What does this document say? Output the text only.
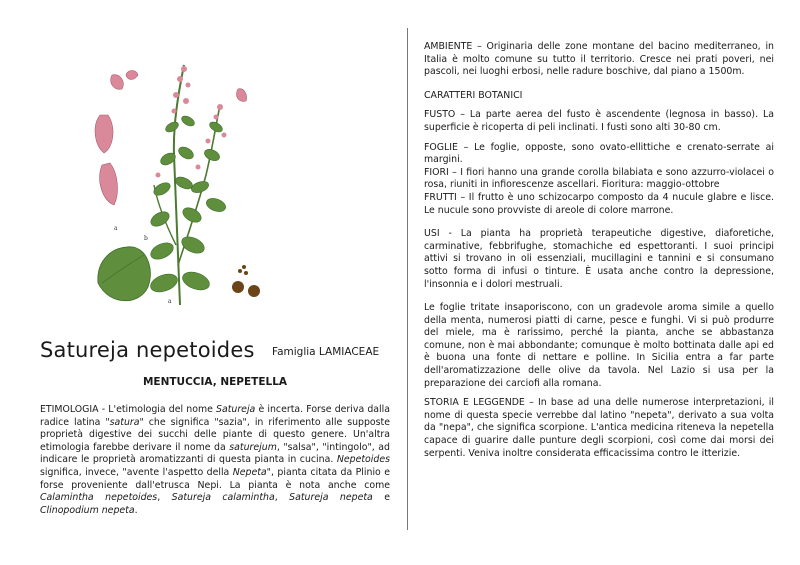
a
b
a
Satureja nepetoides Famiglia LAMIACEAE
MENTUCCIA, NEPETELLA
ETIMOLOGIA - L'etimologia del nome Satureja è incerta. Forse deriva dalla radice latina "satura" che significa "sazia", in riferimento alle supposte proprietà digestive dei succhi delle piante di questo genere. Un'altra etimologia farebbe derivare il nome da saturejum, "salsa", "intingolo", ad indicare le proprietà aromatizzanti di questa pianta in cucina. Nepetoides significa, invece, "avente l'aspetto della Nepeta", pianta citata da Plinio e forse proveniente dall'etrusca Nepi. La pianta è nota anche come Calamintha nepetoides, Satureja calamintha, Satureja nepeta e Clinopodium nepeta.

AMBIENTE – Originaria delle zone montane del bacino mediterraneo, in Italia è molto comune su tutto il territorio. Cresce nei prati poveri, nei pascoli, nei luoghi erbosi, nelle radure boschive, dal piano a 1500m.

CARATTERI BOTANICI

FUSTO – La parte aerea del fusto è ascendente (legnosa in basso). La superficie è ricoperta di peli inclinati. I fusti sono alti 30-80 cm.

FOGLIE – Le foglie, opposte, sono ovato-ellittiche e crenato-serrate ai margini.

FIORI – I fiori hanno una grande corolla bilabiata e sono azzurro-violacei o rosa, riuniti in infiorescenze ascellari. Fioritura: maggio-ottobre

FRUTTI – Il frutto è uno schizocarpo composto da 4 nucule glabre e lisce. Le nucule sono provviste di areole di colore marrone.

USI - La pianta ha proprietà terapeutiche digestive, diaforetiche, carminative, febbrifughe, stomachiche ed espettoranti. I suoi principi attivi si trovano in oli essenziali, mucillagini e tannini e si consumano sotto forma di infusi o tinture. È usata anche contro la depressione, l'insonnia e i dolori mestruali.

Le foglie tritate insaporiscono, con un gradevole aroma simile a quello della menta, numerosi piatti di carne, pesce e funghi. Vi si può produrre del miele, ma è rarissimo, perché la pianta, anche se abbastanza comune, non è mai abbondante; comunque è molto bottinata dalle api ed è buona una fonte di nettare e polline. In Sicilia entra a far parte dell'aromatizzazione delle olive da tavola. Nel Lazio si usa per la preparazione dei carciofi alla romana.

STORIA E LEGGENDE – In base ad una delle numerose interpretazioni, il nome di questa specie verrebbe dal latino "nepeta", derivato a sua volta da "nepa", che significa scorpione. L'antica medicina riteneva la nepetella capace di guarire dalle punture degli scorpioni, così come dai morsi dei serpenti. Veniva inoltre considerata efficacissima contro le itterizie.
